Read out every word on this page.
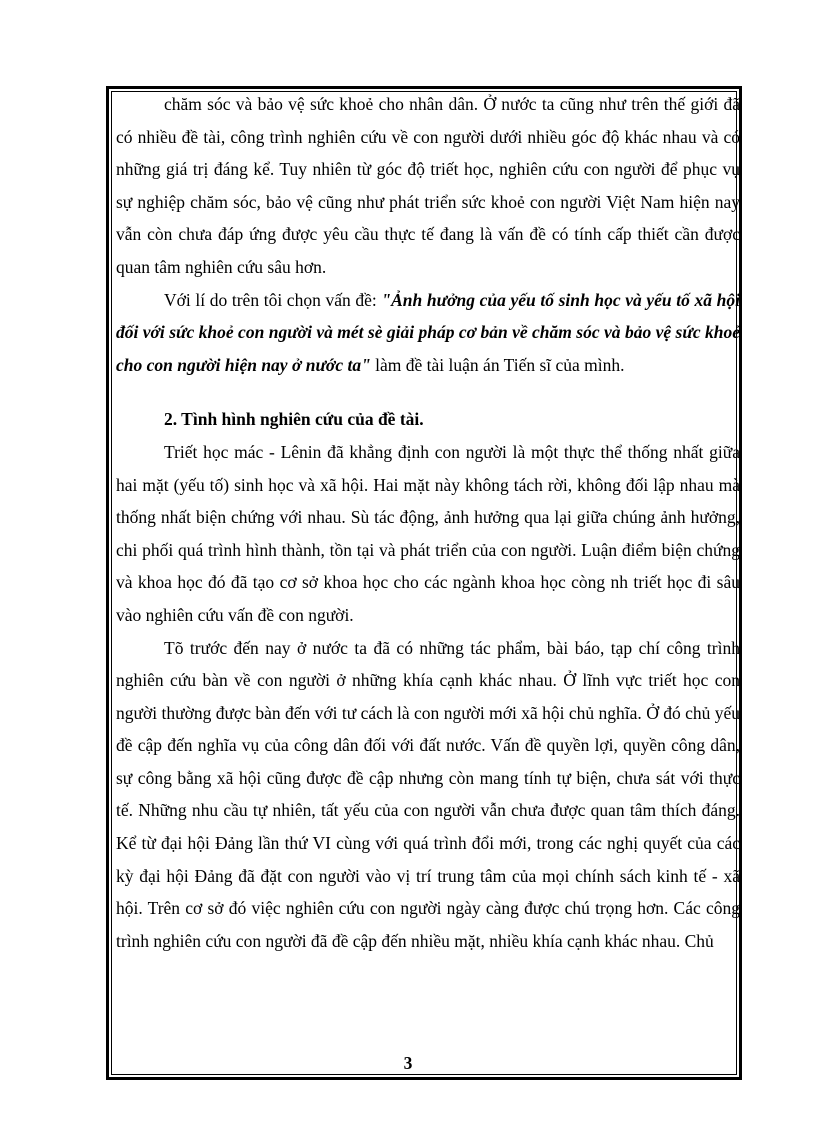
chăm sóc và bảo vệ sức khoẻ cho nhân dân. Ở nước ta cũng như trên thế giới đã có nhiều đề tài, công trình nghiên cứu về con người dưới nhiều góc độ khác nhau và có những giá trị đáng kể. Tuy nhiên từ góc độ triết học, nghiên cứu con người để phục vụ sự nghiệp chăm sóc, bảo vệ cũng như phát triển sức khoẻ con người Việt Nam hiện nay vẫn còn chưa đáp ứng được yêu cầu thực tế đang là vấn đề có tính cấp thiết cần được quan tâm nghiên cứu sâu hơn.

Với lí do trên tôi chọn vấn đề: "Ảnh hưởng của yếu tố sinh học và yếu tố xã hội đối với sức khoẻ con người và mét sè giải pháp cơ bản về chăm sóc và bảo vệ sức khoẻ cho con người hiện nay ở nước ta" làm đề tài luận án Tiến sĩ của mình.

2. Tình hình nghiên cứu của đề tài.

Triết học mác - Lênin đã khẳng định con người là một thực thể thống nhất giữa hai mặt (yếu tố) sinh học và xã hội. Hai mặt này không tách rời, không đối lập nhau mà thống nhất biện chứng với nhau. Sù tác động, ảnh hưởng qua lại giữa chúng ảnh hưởng, chi phối quá trình hình thành, tồn tại và phát triển của con người. Luận điểm biện chứng và khoa học đó đã tạo cơ sở khoa học cho các ngành khoa học còng nh triết học đi sâu vào nghiên cứu vấn đề con người.

Tõ trước đến nay ở nước ta đã có những tác phẩm, bài báo, tạp chí công trình nghiên cứu bàn về con người ở những khía cạnh khác nhau. Ở lĩnh vực triết học con người thường được bàn đến với tư cách là con người mới xã hội chủ nghĩa. Ở đó chủ yếu đề cập đến nghĩa vụ của công dân đối với đất nước. Vấn đề quyền lợi, quyền công dân, sự công bằng xã hội cũng được đề cập nhưng còn mang tính tự biện, chưa sát với thực tế. Những nhu cầu tự nhiên, tất yếu của con người vẫn chưa được quan tâm thích đáng. Kể từ đại hội Đảng lần thứ VI cùng với quá trình đổi mới, trong các nghị quyết của các kỳ đại hội Đảng đã đặt con người vào vị trí trung tâm của mọi chính sách kinh tế - xã hội. Trên cơ sở đó việc nghiên cứu con người ngày càng được chú trọng hơn. Các công trình nghiên cứu con người đã đề cập đến nhiều mặt, nhiều khía cạnh khác nhau. Chủ

3
